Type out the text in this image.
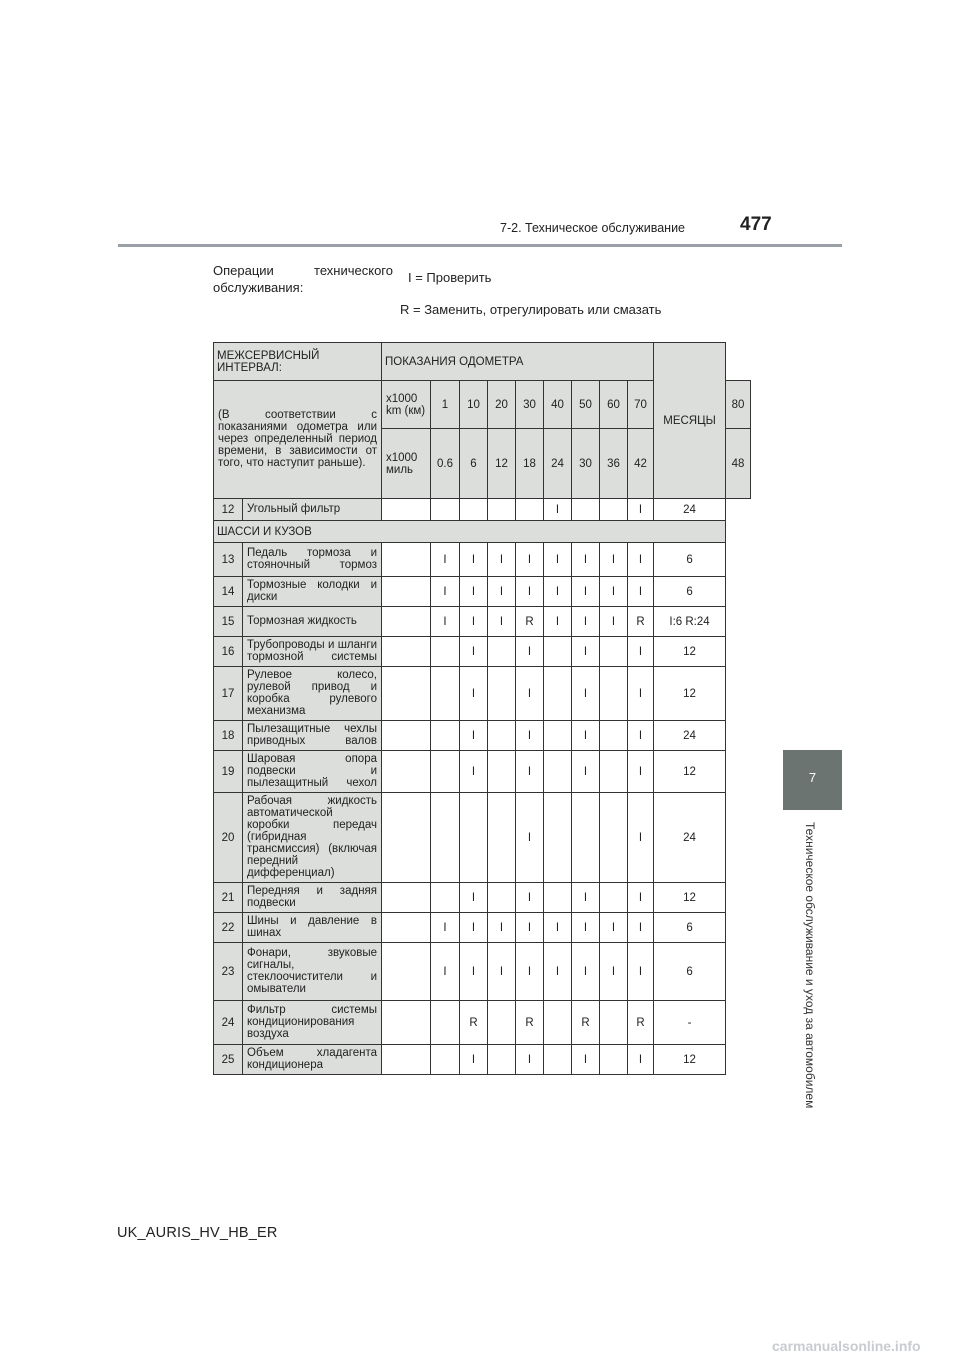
7-2. Техническое обслуживание	477
7
Техническое обслуживание и уход за автомобилем
Операции технического обслуживания:
I = Проверить
R = Заменить, отрегулировать или смазать
МЕЖСЕРВИСНЫЙ ИНТЕРВАЛ:		ПОКАЗАНИЯ ОДОМЕТРА									МЕСЯЦЫ	
(В соответствии с показаниями одометра или через определенный период времени, в зависимости от того, что наступит раньше).		x1000 km (км)	1	10	20	30	40	50	60	70		80
		x1000 миль	0.6	6	12	18	24	30	36	42		48
12	Угольный фильтр						I			I	24	
ШАССИ И КУЗОВ												
13	Педаль тормоза и стояночный тормоз		I	I	I	I	I	I	I	I	6	
14	Тормозные колодки и диски		I	I	I	I	I	I	I	I	6	
15	Тормозная жидкость		I	I	I	R	I	I	I	R	I:6 R:24	
16	Трубопроводы и шланги тормозной системы			I		I		I		I	12	
17	Рулевое колесо, рулевой привод и коробка рулевого механизма			I		I		I		I	12	
18	Пылезащитные чехлы приводных валов			I		I		I		I	24	
19	Шаровая опора подвески и пылезащитный чехол			I		I		I		I	12	
20	Рабочая жидкость автоматической коробки передач (гибридная трансмиссия) (включая передний дифференциал)					I				I	24	
21	Передняя и задняя подвески			I		I		I		I	12	
22	Шины и давление в шинах		I	I	I	I	I	I	I	I	6	
23	Фонари, звуковые сигналы, стеклоочистители и омыватели		I	I	I	I	I	I	I	I	6	
24	Фильтр системы кондиционирования воздуха			R		R		R		R	-	
25	Объем хладагента кондиционера			I		I		I		I	12	
UK_AURIS_HV_HB_ER
carmanualsonline.info
